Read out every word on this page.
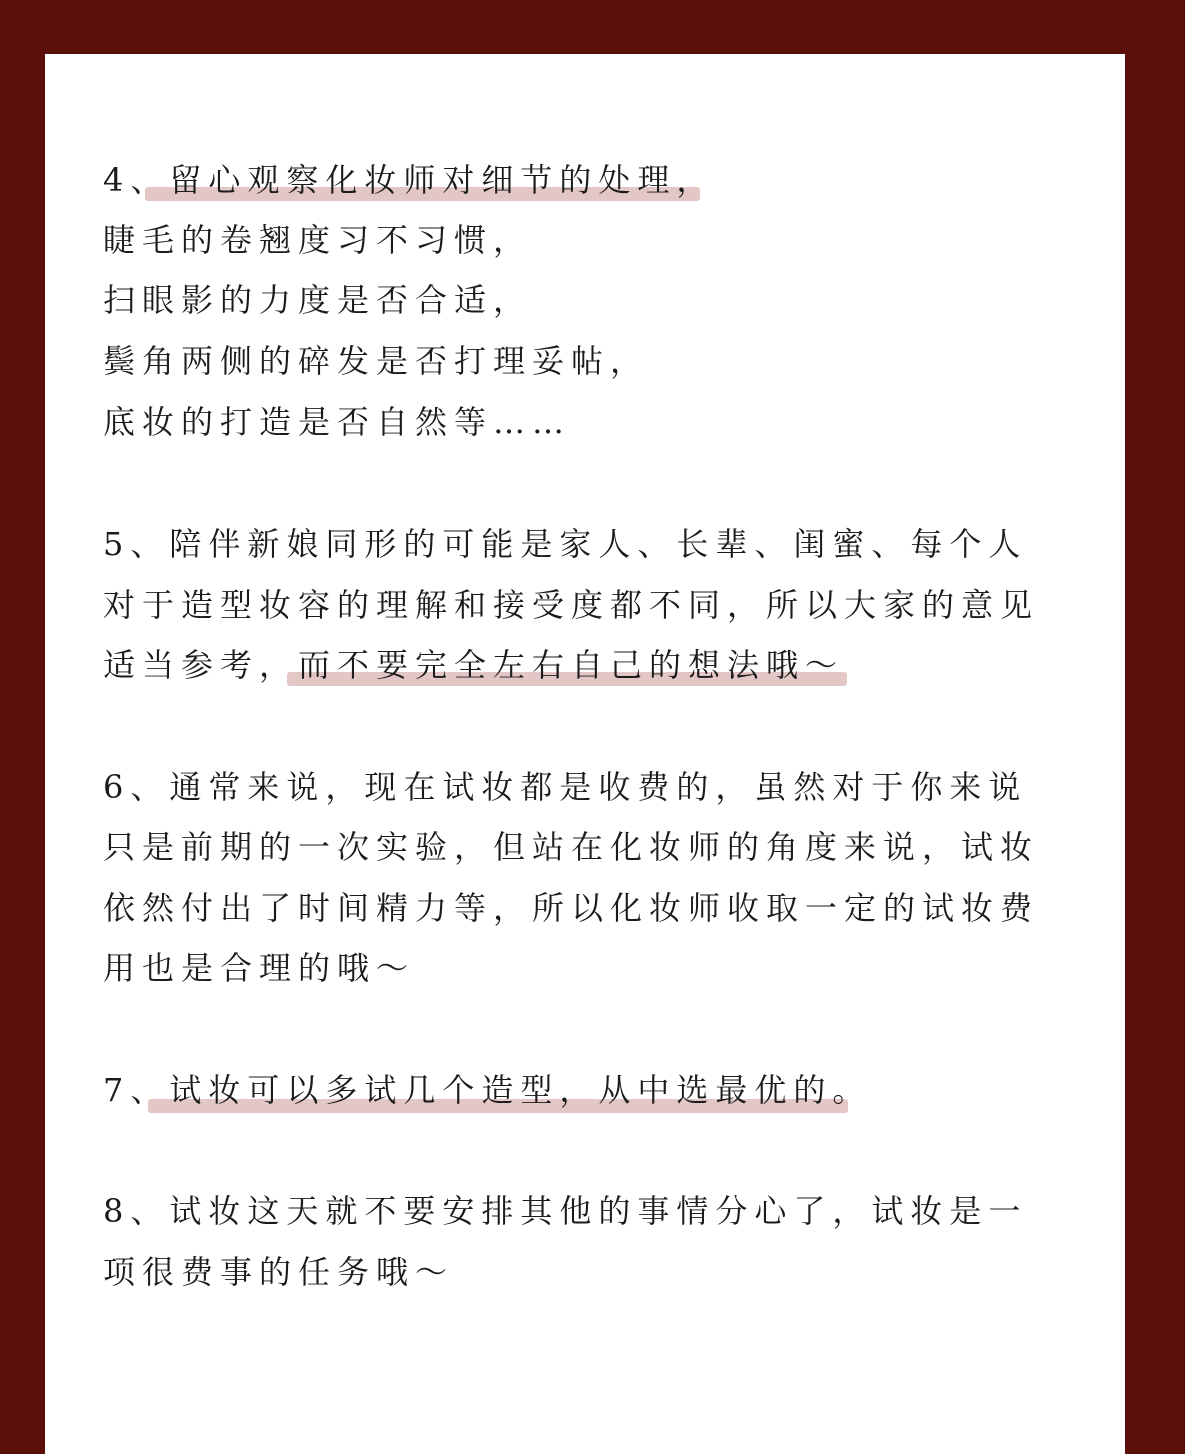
4、留心观察化妆师对细节的处理，
睫毛的卷翘度习不习惯，
扫眼影的力度是否合适，
鬓角两侧的碎发是否打理妥帖，
底妆的打造是否自然等……
5、陪伴新娘同形的可能是家人、长辈、闺蜜、每个人
对于造型妆容的理解和接受度都不同，所以大家的意见
适当参考，而不要完全左右自己的想法哦～
6、通常来说，现在试妆都是收费的，虽然对于你来说
只是前期的一次实验，但站在化妆师的角度来说，试妆
依然付出了时间精力等，所以化妆师收取一定的试妆费
用也是合理的哦～
7、试妆可以多试几个造型，从中选最优的。
8、试妆这天就不要安排其他的事情分心了，试妆是一
项很费事的任务哦～
